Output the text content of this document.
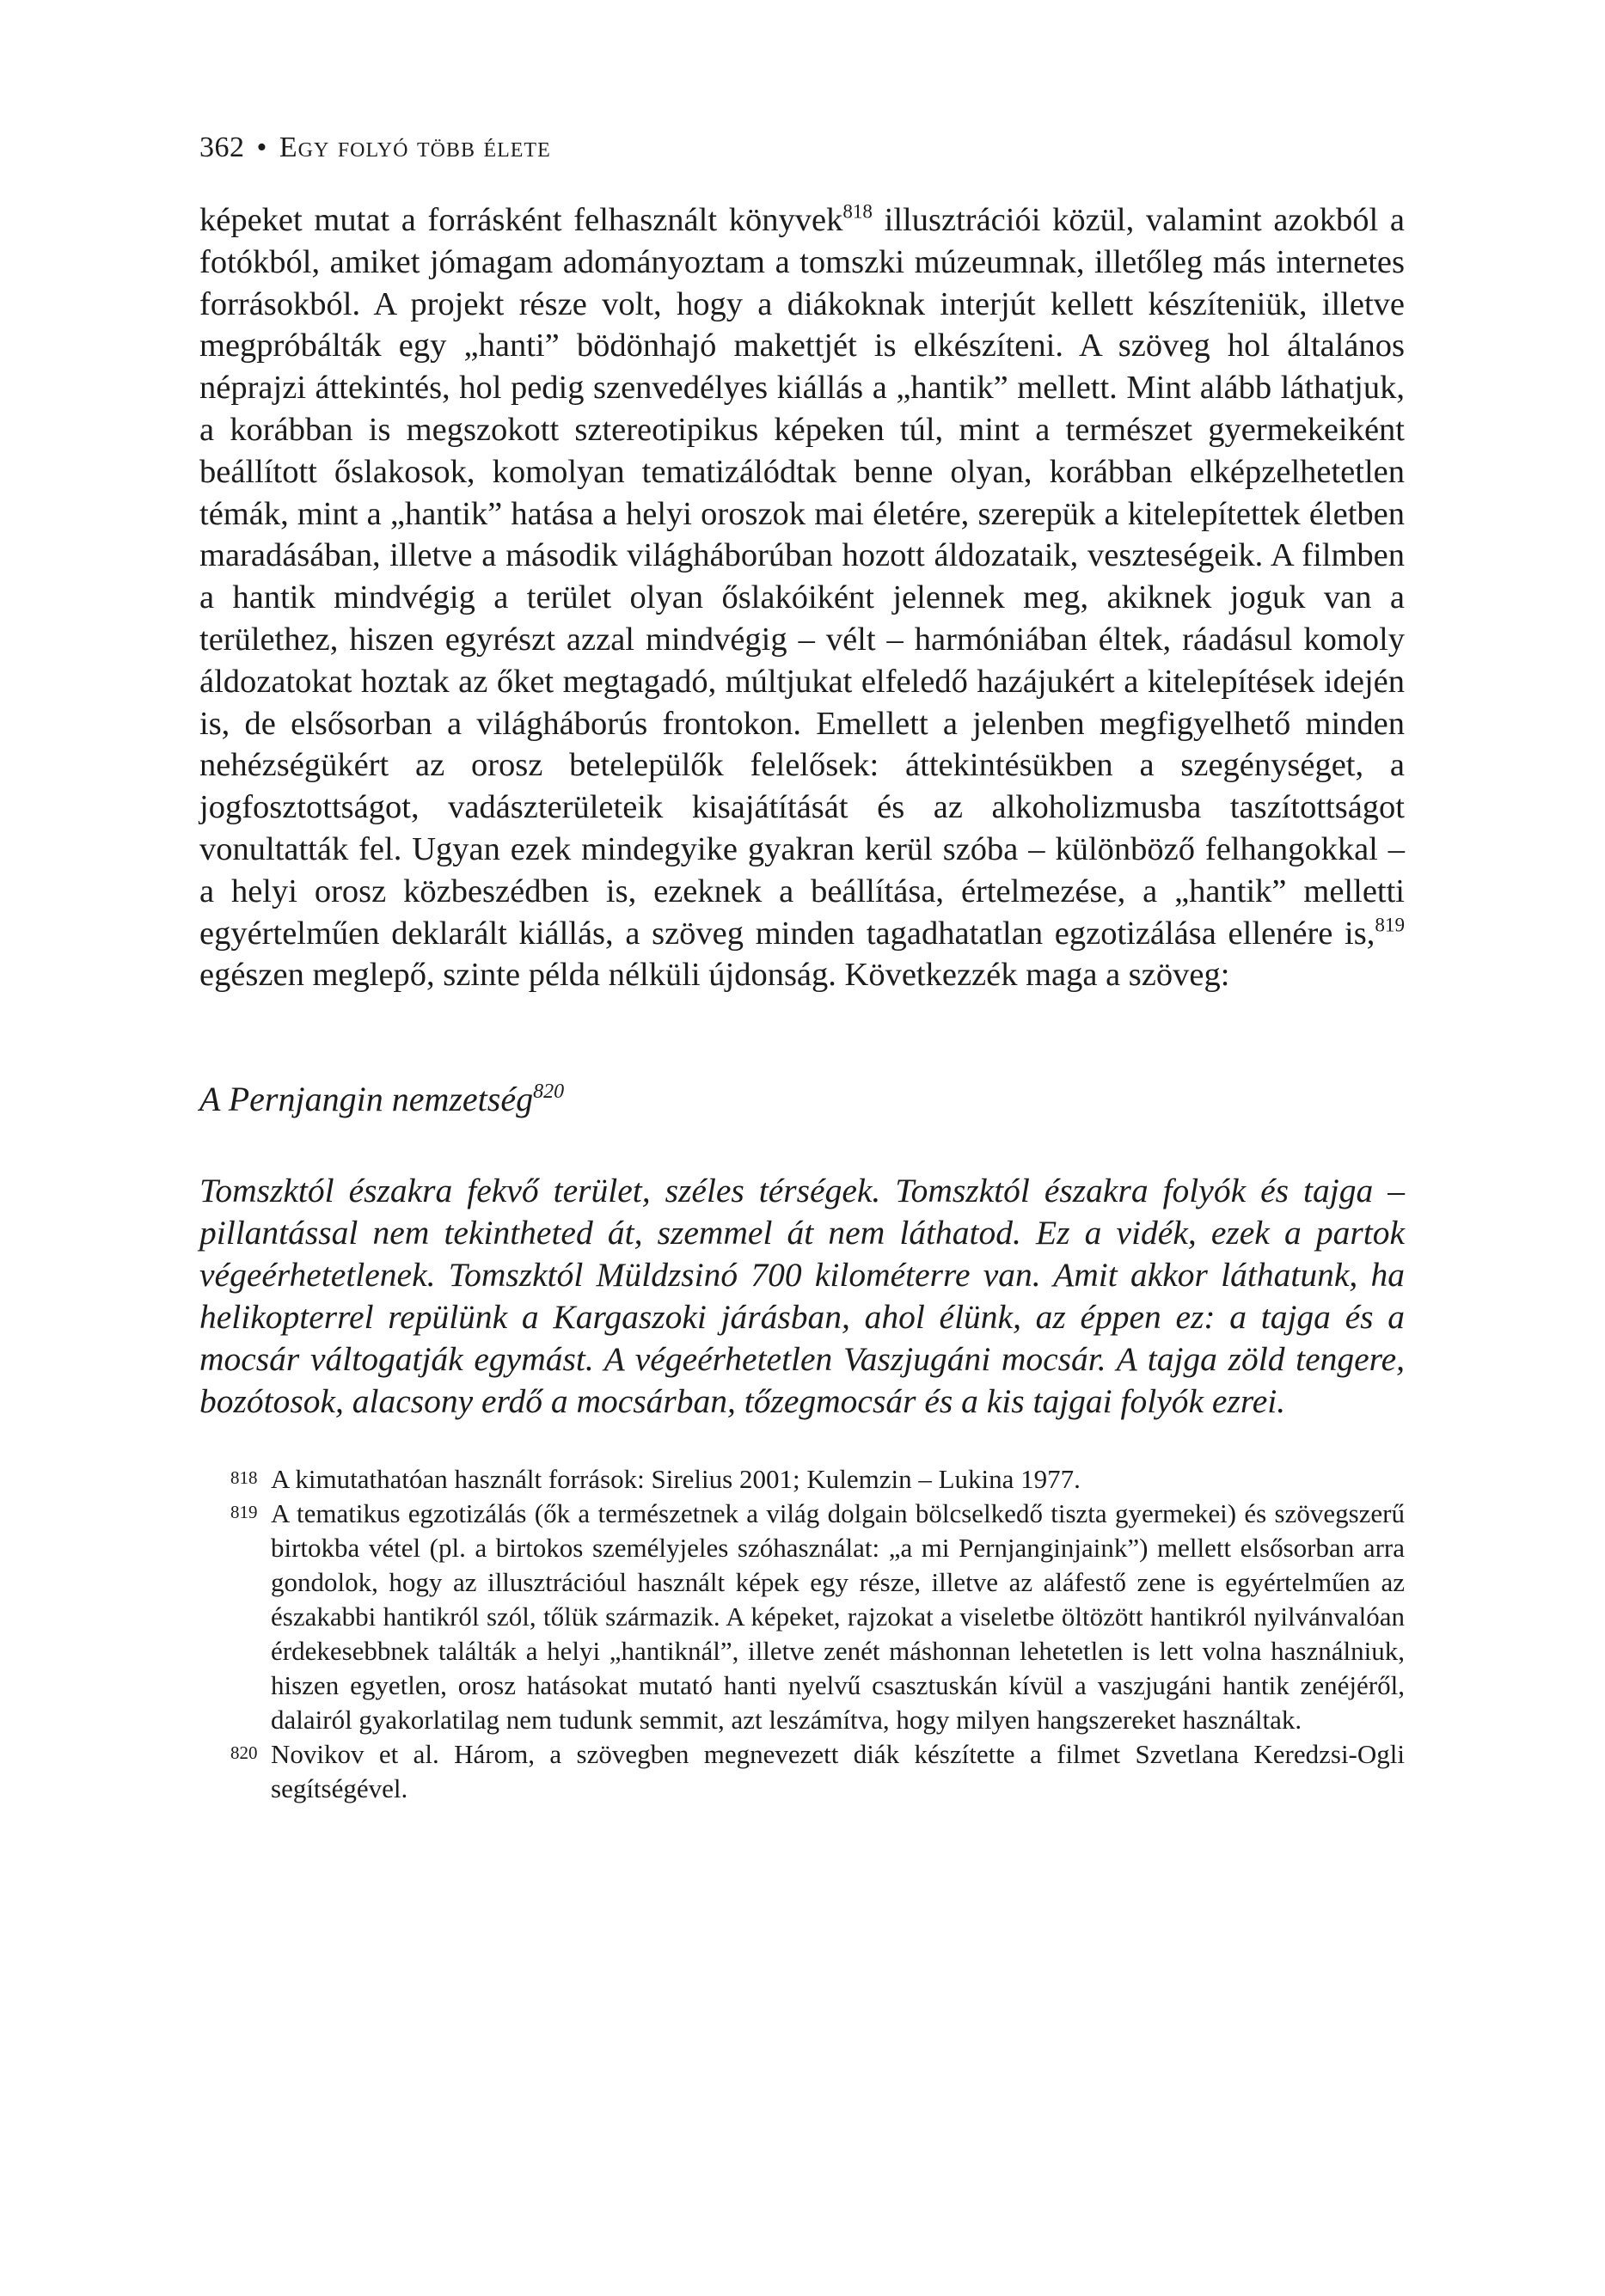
362 • Egy folyó több élete

képeket mutat a forrásként felhasznált könyvek$^{818}$ illusztrációi közül, valamint azokból a fotókból, amiket jómagam adományoztam a tomszki múzeumnak, illetőleg más internetes forrásokból. A projekt része volt, hogy a diákoknak interjút kellett készíteniük, illetve megpróbálták egy „hanti” bödönhajó makettjét is elkészíteni. A szöveg hol általános néprajzi áttekintés, hol pedig szenvedélyes kiállás a „hantik” mellett. Mint alább láthatjuk, a korábban is megszokott sztereotipikus képeken túl, mint a természet gyermekeiként beállított őslakosok, komolyan tematizálódtak benne olyan, korábban elképzelhetetlen témák, mint a „hantik” hatása a helyi oroszok mai életére, szerepük a kitelepítettek életben maradásában, illetve a második világháborúban hozott áldozataik, veszteségeik. A filmben a hantik mindvégig a terület olyan őslakóiként jelennek meg, akiknek joguk van a területhez, hiszen egyrészt azzal mindvégig – vélt – harmóniában éltek, ráadásul komoly áldozatokat hoztak az őket megtagadó, múltjukat elfeledő hazájukért a kitelepítések idején is, de elsősorban a világháborús frontokon. Emellett a jelenben megfigyelhető minden nehézségükért az orosz betelepülők felelősek: áttekintésükben a szegénységet, a jogfosztottságot, vadászterületeik kisajátítását és az alkoholizmusba taszítottságot vonultatták fel. Ugyan ezek mindegyike gyakran kerül szóba – különböző felhangokkal – a helyi orosz közbeszédben is, ezeknek a beállítása, értelmezése, a „hantik” melletti egyértelműen deklarált kiállás, a szöveg minden tagadhatatlan egzotizálása ellenére is,$^{819}$ egészen meglepő, szinte példa nélküli újdonság. Következzék maga a szöveg:

A Pernjangin nemzetség$^{820}$
Tomszktól északra fekvő terület, széles térségek. Tomszktól északra folyók és tajga – pillantással nem tekintheted át, szemmel át nem láthatod. Ez a vidék, ezek a partok végeérhetetlenek. Tomszktól Müldzsinó 700 kilométerre van. Amit akkor láthatunk, ha helikopterrel repülünk a Kargaszoki járásban, ahol élünk, az éppen ez: a tajga és a mocsár váltogatják egymást. A végeérhetetlen Vaszjugáni mocsár. A tajga zöld tengere, bozótosok, alacsony erdő a mocsárban, tőzegmocsár és a kis tajgai folyók ezrei.
818 A kimutathatóan használt források: Sirelius 2001; Kulemzin – Lukina 1977.
819 A tematikus egzotizálás (ők a természetnek a világ dolgain bölcselkedő tiszta gyermekei) és szövegszerű birtokba vétel (pl. a birtokos személyjeles szóhasználat: „a mi Pernjanginjaink”) mellett elsősorban arra gondolok, hogy az illusztrációul használt képek egy része, illetve az aláfestő zene is egyértelműen az északabbi hantikról szól, tőlük származik. A képeket, rajzokat a viseletbe öltözött hantikról nyilvánvalóan érdekesebbnek találták a helyi „hantiknál”, illetve zenét máshonnan lehetetlen is lett volna használniuk, hiszen egyetlen, orosz hatásokat mutató hanti nyelvű csasztuskán kívül a vaszjugáni hantik zenéjéről, dalairól gyakorlatilag nem tudunk semmit, azt leszámítva, hogy milyen hangszereket használtak.
820 Novikov et al. Három, a szövegben megnevezett diák készítette a filmet Szvetlana Keredzsi-Ogli segítségével.
